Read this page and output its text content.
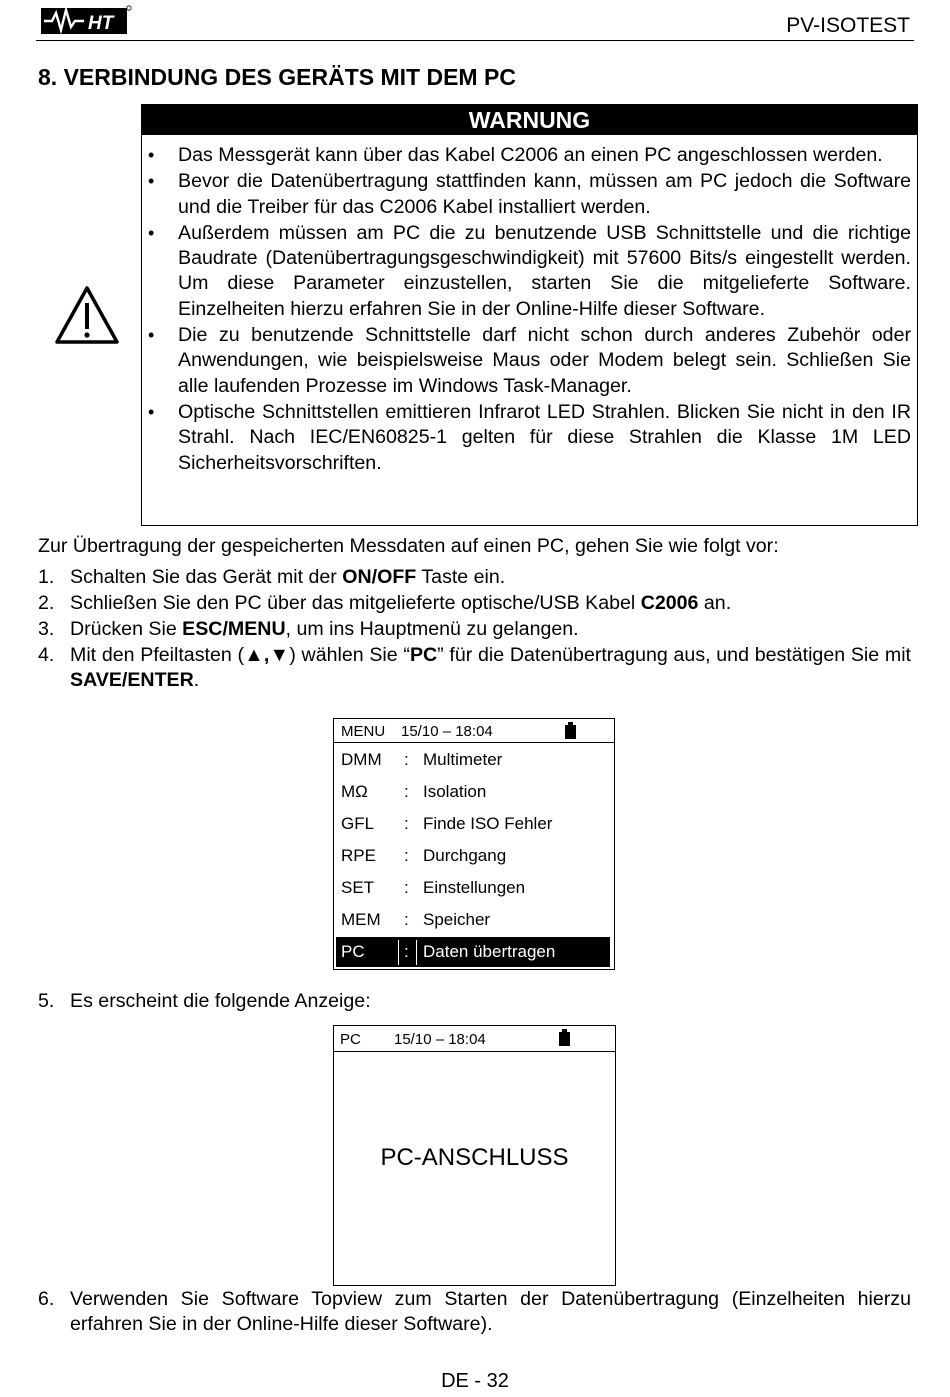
HT	PV-ISOTEST
8. VERBINDUNG DES GERÄTS MIT DEM PC
WARNUNG
• Das Messgerät kann über das Kabel C2006 an einen PC angeschlossen werden.
• Bevor die Datenübertragung stattfinden kann, müssen am PC jedoch die Software und die Treiber für das C2006 Kabel installiert werden.
• Außerdem müssen am PC die zu benutzende USB Schnittstelle und die richtige Baudrate (Datenübertragungsgeschwindigkeit) mit 57600 Bits/s eingestellt werden. Um diese Parameter einzustellen, starten Sie die mitgelieferte Software. Einzelheiten hierzu erfahren Sie in der Online-Hilfe dieser Software.
• Die zu benutzende Schnittstelle darf nicht schon durch anderes Zubehör oder Anwendungen, wie beispielsweise Maus oder Modem belegt sein. Schließen Sie alle laufenden Prozesse im Windows Task-Manager.
• Optische Schnittstellen emittieren Infrarot LED Strahlen. Blicken Sie nicht in den IR Strahl. Nach IEC/EN60825-1 gelten für diese Strahlen die Klasse 1M LED Sicherheitsvorschriften.
Zur Übertragung der gespeicherten Messdaten auf einen PC, gehen Sie wie folgt vor:
1. Schalten Sie das Gerät mit der ON/OFF Taste ein.
2. Schließen Sie den PC über das mitgelieferte optische/USB Kabel C2006 an.
3. Drücken Sie ESC/MENU, um ins Hauptmenü zu gelangen.
4. Mit den Pfeiltasten (▲,▼) wählen Sie “PC” für die Datenübertragung aus, und bestätigen Sie mit SAVE/ENTER.
MENU 15/10 – 18:04
DMM : Multimeter
MΩ : Isolation
GFL : Finde ISO Fehler
RPE : Durchgang
SET : Einstellungen
MEM : Speicher
PC : Daten übertragen
5. Es erscheint die folgende Anzeige:
PC 15/10 – 18:04
PC-ANSCHLUSS
6. Verwenden Sie Software Topview zum Starten der Datenübertragung (Einzelheiten hierzu erfahren Sie in der Online-Hilfe dieser Software).
DE - 32
